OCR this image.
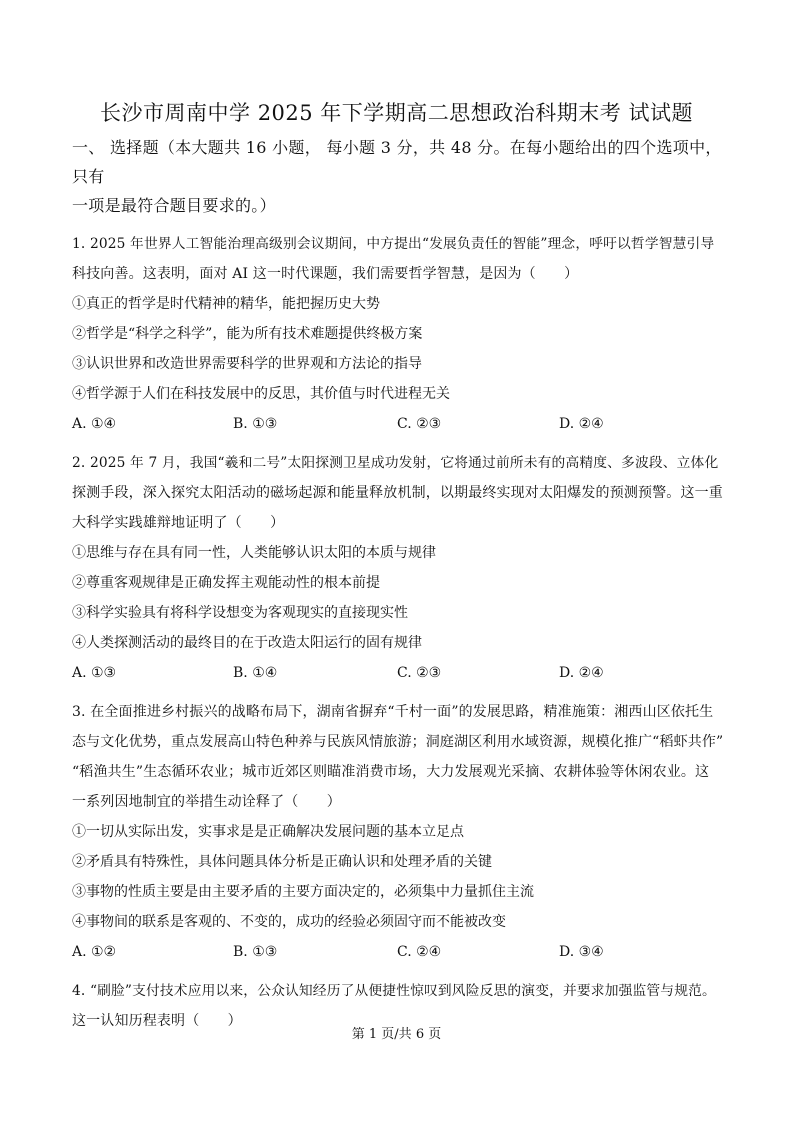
长沙市周南中学 2025 年下学期高二思想政治科期末考 试试题
一、 选择题（本大题共 16 小题， 每小题 3 分，共 48 分。在每小题给出的四个选项中， 只有
一项是最符合题目要求的。）
1. 2025 年世界人工智能治理高级别会议期间，中方提出“发展负责任的智能”理念，呼吁以哲学智慧引导
科技向善。这表明，面对 AI 这一时代课题，我们需要哲学智慧，是因为（　　）
①真正的哲学是时代精神的精华，能把握历史大势
②哲学是“科学之科学”，能为所有技术难题提供终极方案
③认识世界和改造世界需要科学的世界观和方法论的指导
④哲学源于人们在科技发展中的反思，其价值与时代进程无关
A. ①④	B. ①③	C. ②③	D. ②④
2. 2025 年 7 月，我国“羲和二号”太阳探测卫星成功发射，它将通过前所未有的高精度、多波段、立体化
探测手段，深入探究太阳活动的磁场起源和能量释放机制，以期最终实现对太阳爆发的预测预警。这一重
大科学实践雄辩地证明了（　　）
①思维与存在具有同一性，人类能够认识太阳的本质与规律
②尊重客观规律是正确发挥主观能动性的根本前提
③科学实验具有将科学设想变为客观现实的直接现实性
④人类探测活动的最终目的在于改造太阳运行的固有规律
A. ①③	B. ①④	C. ②③	D. ②④
3. 在全面推进乡村振兴的战略布局下，湖南省摒弃“千村一面”的发展思路，精准施策：湘西山区依托生
态与文化优势，重点发展高山特色种养与民族风情旅游；洞庭湖区利用水域资源，规模化推广“稻虾共作”
“稻渔共生”生态循环农业；城市近郊区则瞄准消费市场，大力发展观光采摘、农耕体验等休闲农业。这
一系列因地制宜的举措生动诠释了（　　）
①一切从实际出发，实事求是是正确解决发展问题的基本立足点
②矛盾具有特殊性，具体问题具体分析是正确认识和处理矛盾的关键
③事物的性质主要是由主要矛盾的主要方面决定的，必须集中力量抓住主流
④事物间的联系是客观的、不变的，成功的经验必须固守而不能被改变
A. ①②	B. ①③	C. ②④	D. ③④
4. “刷脸”支付技术应用以来，公众认知经历了从便捷性惊叹到风险反思的演变，并要求加强监管与规范。
这一认知历程表明（　　）
第 1 页/共 6 页
